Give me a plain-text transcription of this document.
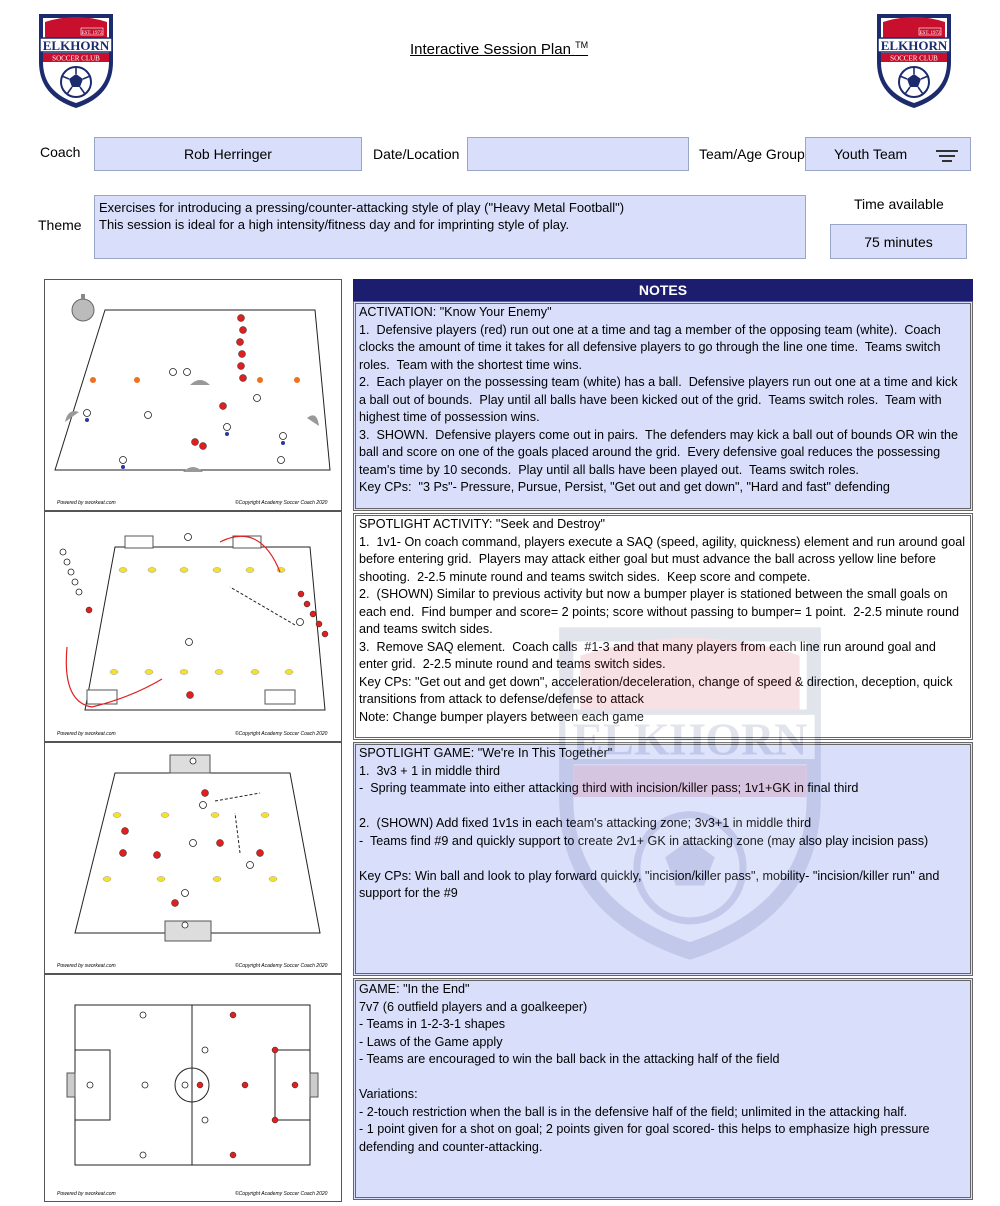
EST. 1972
ELKHORN
SOCCER CLUB
EST. 1972
ELKHORN
SOCCER CLUB
Interactive Session Plan ™
Coach	Rob Herringer	Date/Location	Team/Age Group Youth Team
Theme
Exercises for introducing a pressing/counter-attacking style of play ("Heavy Metal Football")
This session is ideal for a high intensity/fitness day and for imprinting style of play.
Time available
75 minutes
Powered by sworkeat.com	©Copyright Academy Soccer Coach 2020
Powered by sworkeat.com	©Copyright Academy Soccer Coach 2020
Powered by sworkeat.com	©Copyright Academy Soccer Coach 2020
Powered by sworkeat.com	©Copyright Academy Soccer Coach 2020
NOTES
ACTIVATION: "Know Your Enemy"
1.  Defensive players (red) run out one at a time and tag a member of the opposing team (white).  Coach clocks the amount of time it takes for all defensive players to go through the line one time.  Teams switch roles.  Team with the shortest time wins.
2.  Each player on the possessing team (white) has a ball.  Defensive players run out one at a time and kick a ball out of bounds.  Play until all balls have been kicked out of the grid.  Teams switch roles.  Team with highest time of possession wins.
3.  SHOWN.  Defensive players come out in pairs.  The defenders may kick a ball out of bounds OR win the ball and score on one of the goals placed around the grid.  Every defensive goal reduces the possessing team's time by 10 seconds.  Play until all balls have been played out.  Teams switch roles.
Key CPs:  "3 Ps"- Pressure, Pursue, Persist, "Get out and get down", "Hard and fast" defending
SPOTLIGHT ACTIVITY: "Seek and Destroy"
1.  1v1- On coach command, players execute a SAQ (speed, agility, quickness) element and run around goal before entering grid.  Players may attack either goal but must advance the ball across yellow line before shooting.  2-2.5 minute round and teams switch sides.  Keep score and compete.
2.  (SHOWN) Similar to previous activity but now a bumper player is stationed between the small goals on each end.  Find bumper and score= 2 points; score without passing to bumper= 1 point.  2-2.5 minute round and teams switch sides.
3.  Remove SAQ element.  Coach calls  #1-3 and that many players from each line run around goal and enter grid.  2-2.5 minute round and teams switch sides.
Key CPs: "Get out and get down", acceleration/deceleration, change of speed & direction, deception, quick transitions from attack to defense/defense to attack
Note: Change bumper players between each game
SPOTLIGHT GAME: "We're In This Together"
1.  3v3 + 1 in middle third
-  Spring teammate into either attacking third with incision/killer pass; 1v1+GK in final third

2.  (SHOWN) Add fixed 1v1s in each team's attacking zone; 3v3+1 in middle third
-  Teams find #9 and quickly support to create 2v1+ GK in attacking zone (may also play incision pass)

Key CPs: Win ball and look to play forward quickly, "incision/killer pass", mobility- "incision/killer run" and support for the #9
GAME: "In the End"
7v7 (6 outfield players and a goalkeeper)
- Teams in 1-2-3-1 shapes
- Laws of the Game apply
- Teams are encouraged to win the ball back in the attacking half of the field

Variations:
- 2-touch restriction when the ball is in the defensive half of the field; unlimited in the attacking half.
- 1 point given for a shot on goal; 2 points given for goal scored- this helps to emphasize high pressure defending and counter-attacking.
